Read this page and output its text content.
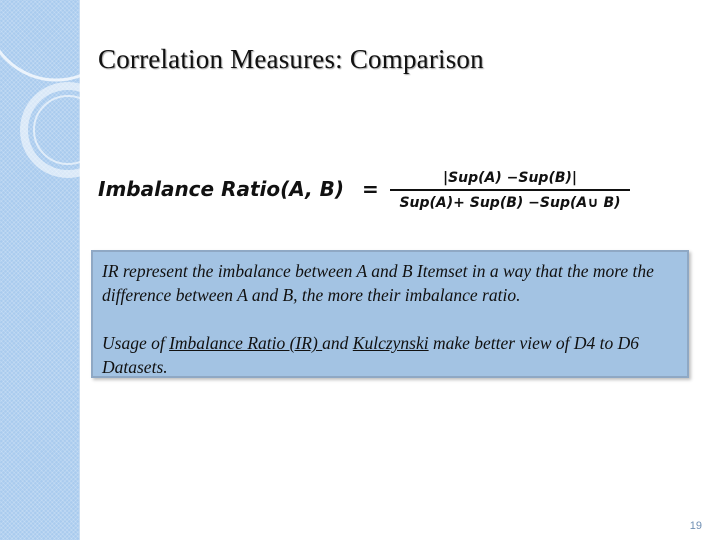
Correlation Measures: Comparison
Imbalance Ratio(A, B) =	|Sup(A) −Sup(B)|
Sup(A)+ Sup(B) −Sup(A∪ B)

IR represent the imbalance between A and B Itemset in a way that the more the difference between A and B, the more their imbalance ratio.

Usage of Imbalance Ratio (IR) and Kulczynski make better view of D4 to D6 Datasets.

19
